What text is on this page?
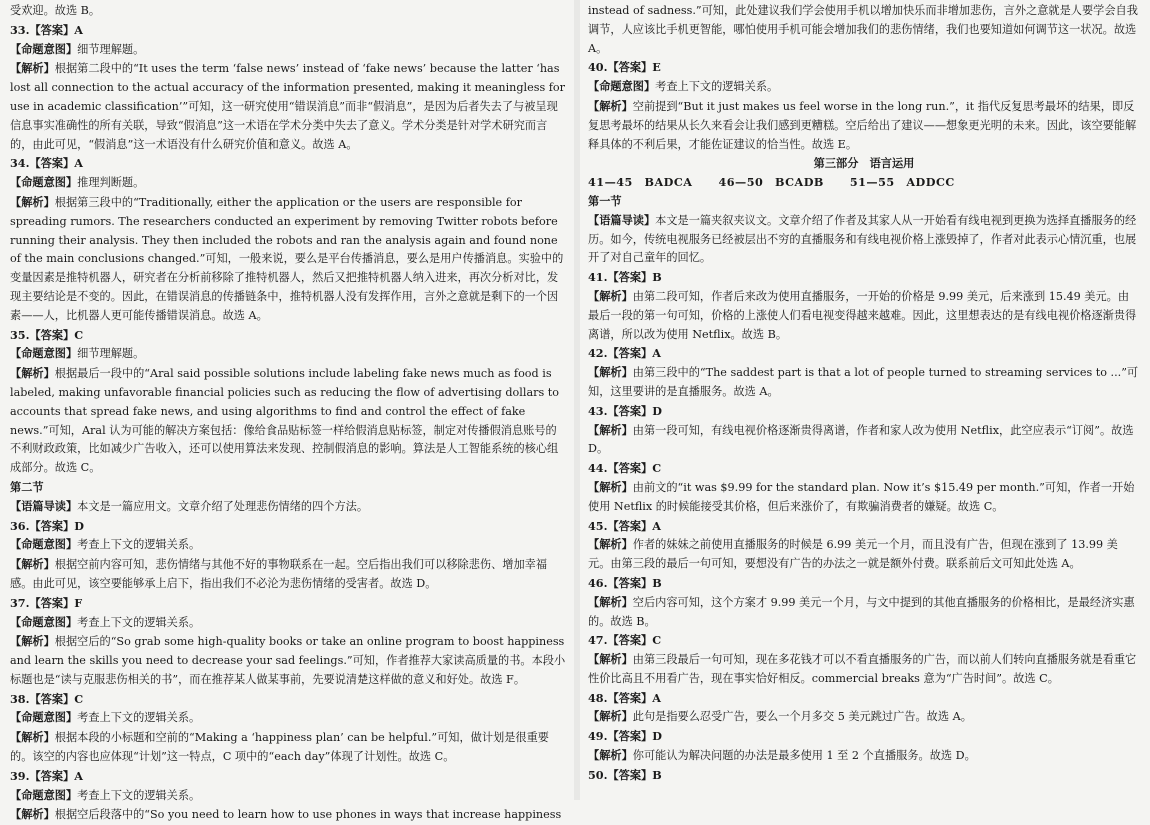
受欢迎。故选 B。

33.【答案】A

【命题意图】细节理解题。

【解析】根据第二段中的“It uses the term ‘false news’ instead of ‘fake news’ because the latter ‘has lost all connection to the actual accuracy of the information presented, making it meaningless for use in academic classification’”可知，这一研究使用“错误消息”而非“假消息”，是因为后者失去了与被呈现信息事实准确性的所有关联，导致“假消息”这一术语在学术分类中失去了意义。学术分类是针对学术研究而言的，由此可见，“假消息”这一术语没有什么研究价值和意义。故选 A。

34.【答案】A

【命题意图】推理判断题。

【解析】根据第三段中的“Traditionally, either the application or the users are responsible for spreading rumors. The researchers conducted an experiment by removing Twitter robots before running their analysis. They then included the robots and ran the analysis again and found none of the main conclusions changed.”可知，一般来说，要么是平台传播消息，要么是用户传播消息。实验中的变量因素是推特机器人，研究者在分析前移除了推特机器人，然后又把推特机器人纳入进来，再次分析对比，发现主要结论是不变的。因此，在错误消息的传播链条中，推特机器人没有发挥作用，言外之意就是剩下的一个因素——人，比机器人更可能传播错误消息。故选 A。

35.【答案】C

【命题意图】细节理解题。

【解析】根据最后一段中的“Aral said possible solutions include labeling fake news much as food is labeled, making unfavorable financial policies such as reducing the flow of advertising dollars to accounts that spread fake news, and using algorithms to find and control the effect of fake news.”可知，Aral 认为可能的解决方案包括：像给食品贴标签一样给假消息贴标签，制定对传播假消息账号的不利财政政策，比如减少广告收入，还可以使用算法来发现、控制假消息的影响。算法是人工智能系统的核心组成部分。故选 C。

第二节

【语篇导读】本文是一篇应用文。文章介绍了处理悲伤情绪的四个方法。

36.【答案】D

【命题意图】考查上下文的逻辑关系。

【解析】根据空前内容可知，悲伤情绪与其他不好的事物联系在一起。空后指出我们可以移除悲伤、增加幸福感。由此可见，该空要能够承上启下，指出我们不必沦为悲伤情绪的受害者。故选 D。

37.【答案】F

【命题意图】考查上下文的逻辑关系。

【解析】根据空后的“So grab some high-quality books or take an online program to boost happiness and learn the skills you need to decrease your sad feelings.”可知，作者推荐大家读高质量的书。本段小标题也是“读与克服悲伤相关的书”，而在推荐某人做某事前，先要说清楚这样做的意义和好处。故选 F。

38.【答案】C

【命题意图】考查上下文的逻辑关系。

【解析】根据本段的小标题和空前的“Making a ‘happiness plan’ can be helpful.”可知，做计划是很重要的。该空的内容也应体现“计划”这一特点，C 项中的“each day”体现了计划性。故选 C。

39.【答案】A

【命题意图】考查上下文的逻辑关系。

【解析】根据空后段落中的“So you need to learn how to use phones in ways that increase happiness

instead of sadness.”可知，此处建议我们学会使用手机以增加快乐而非增加悲伤，言外之意就是人要学会自我调节，人应该比手机更智能，哪怕使用手机可能会增加我们的悲伤情绪，我们也要知道如何调节这一状况。故选 A。

40.【答案】E

【命题意图】考查上下文的逻辑关系。

【解析】空前提到“But it just makes us feel worse in the long run.”，it 指代反复思考最坏的结果，即反复思考最坏的结果从长久来看会让我们感到更糟糕。空后给出了建议——想象更光明的未来。因此，该空要能解释具体的不利后果，才能佐证建议的恰当性。故选 E。

第三部分　语言运用

41—45　BADCA 46—50　BCADB 51—55　ADDCC

第一节

【语篇导读】本文是一篇夹叙夹议文。文章介绍了作者及其家人从一开始看有线电视到更换为选择直播服务的经历。如今，传统电视服务已经被层出不穷的直播服务和有线电视价格上涨毁掉了，作者对此表示心情沉重，也展开了对自己童年的回忆。

41.【答案】B

【解析】由第二段可知，作者后来改为使用直播服务，一开始的价格是 9.99 美元，后来涨到 15.49 美元。由最后一段的第一句可知，价格的上涨使人们看电视变得越来越难。因此，这里想表达的是有线电视价格逐渐贵得离谱，所以改为使用 Netflix。故选 B。

42.【答案】A

【解析】由第三段中的“The saddest part is that a lot of people turned to streaming services to ...”可知，这里要讲的是直播服务。故选 A。

43.【答案】D

【解析】由第一段可知，有线电视价格逐渐贵得离谱，作者和家人改为使用 Netflix，此空应表示“订阅”。故选 D。

44.【答案】C

【解析】由前文的“it was $9.99 for the standard plan. Now it’s $15.49 per month.”可知，作者一开始使用 Netflix 的时候能接受其价格，但后来涨价了，有欺骗消费者的嫌疑。故选 C。

45.【答案】A

【解析】作者的妹妹之前使用直播服务的时候是 6.99 美元一个月，而且没有广告，但现在涨到了 13.99 美元。由第三段的最后一句可知，要想没有广告的办法之一就是额外付费。联系前后文可知此处选 A。

46.【答案】B

【解析】空后内容可知，这个方案才 9.99 美元一个月，与文中提到的其他直播服务的价格相比，是最经济实惠的。故选 B。

47.【答案】C

【解析】由第三段最后一句可知，现在多花钱才可以不看直播服务的广告，而以前人们转向直播服务就是看重它性价比高且不用看广告，现在事实恰好相反。commercial breaks 意为“广告时间”。故选 C。

48.【答案】A

【解析】此句是指要么忍受广告，要么一个月多交 5 美元跳过广告。故选 A。

49.【答案】D

【解析】你可能认为解决问题的办法是最多使用 1 至 2 个直播服务。故选 D。

50.【答案】B
